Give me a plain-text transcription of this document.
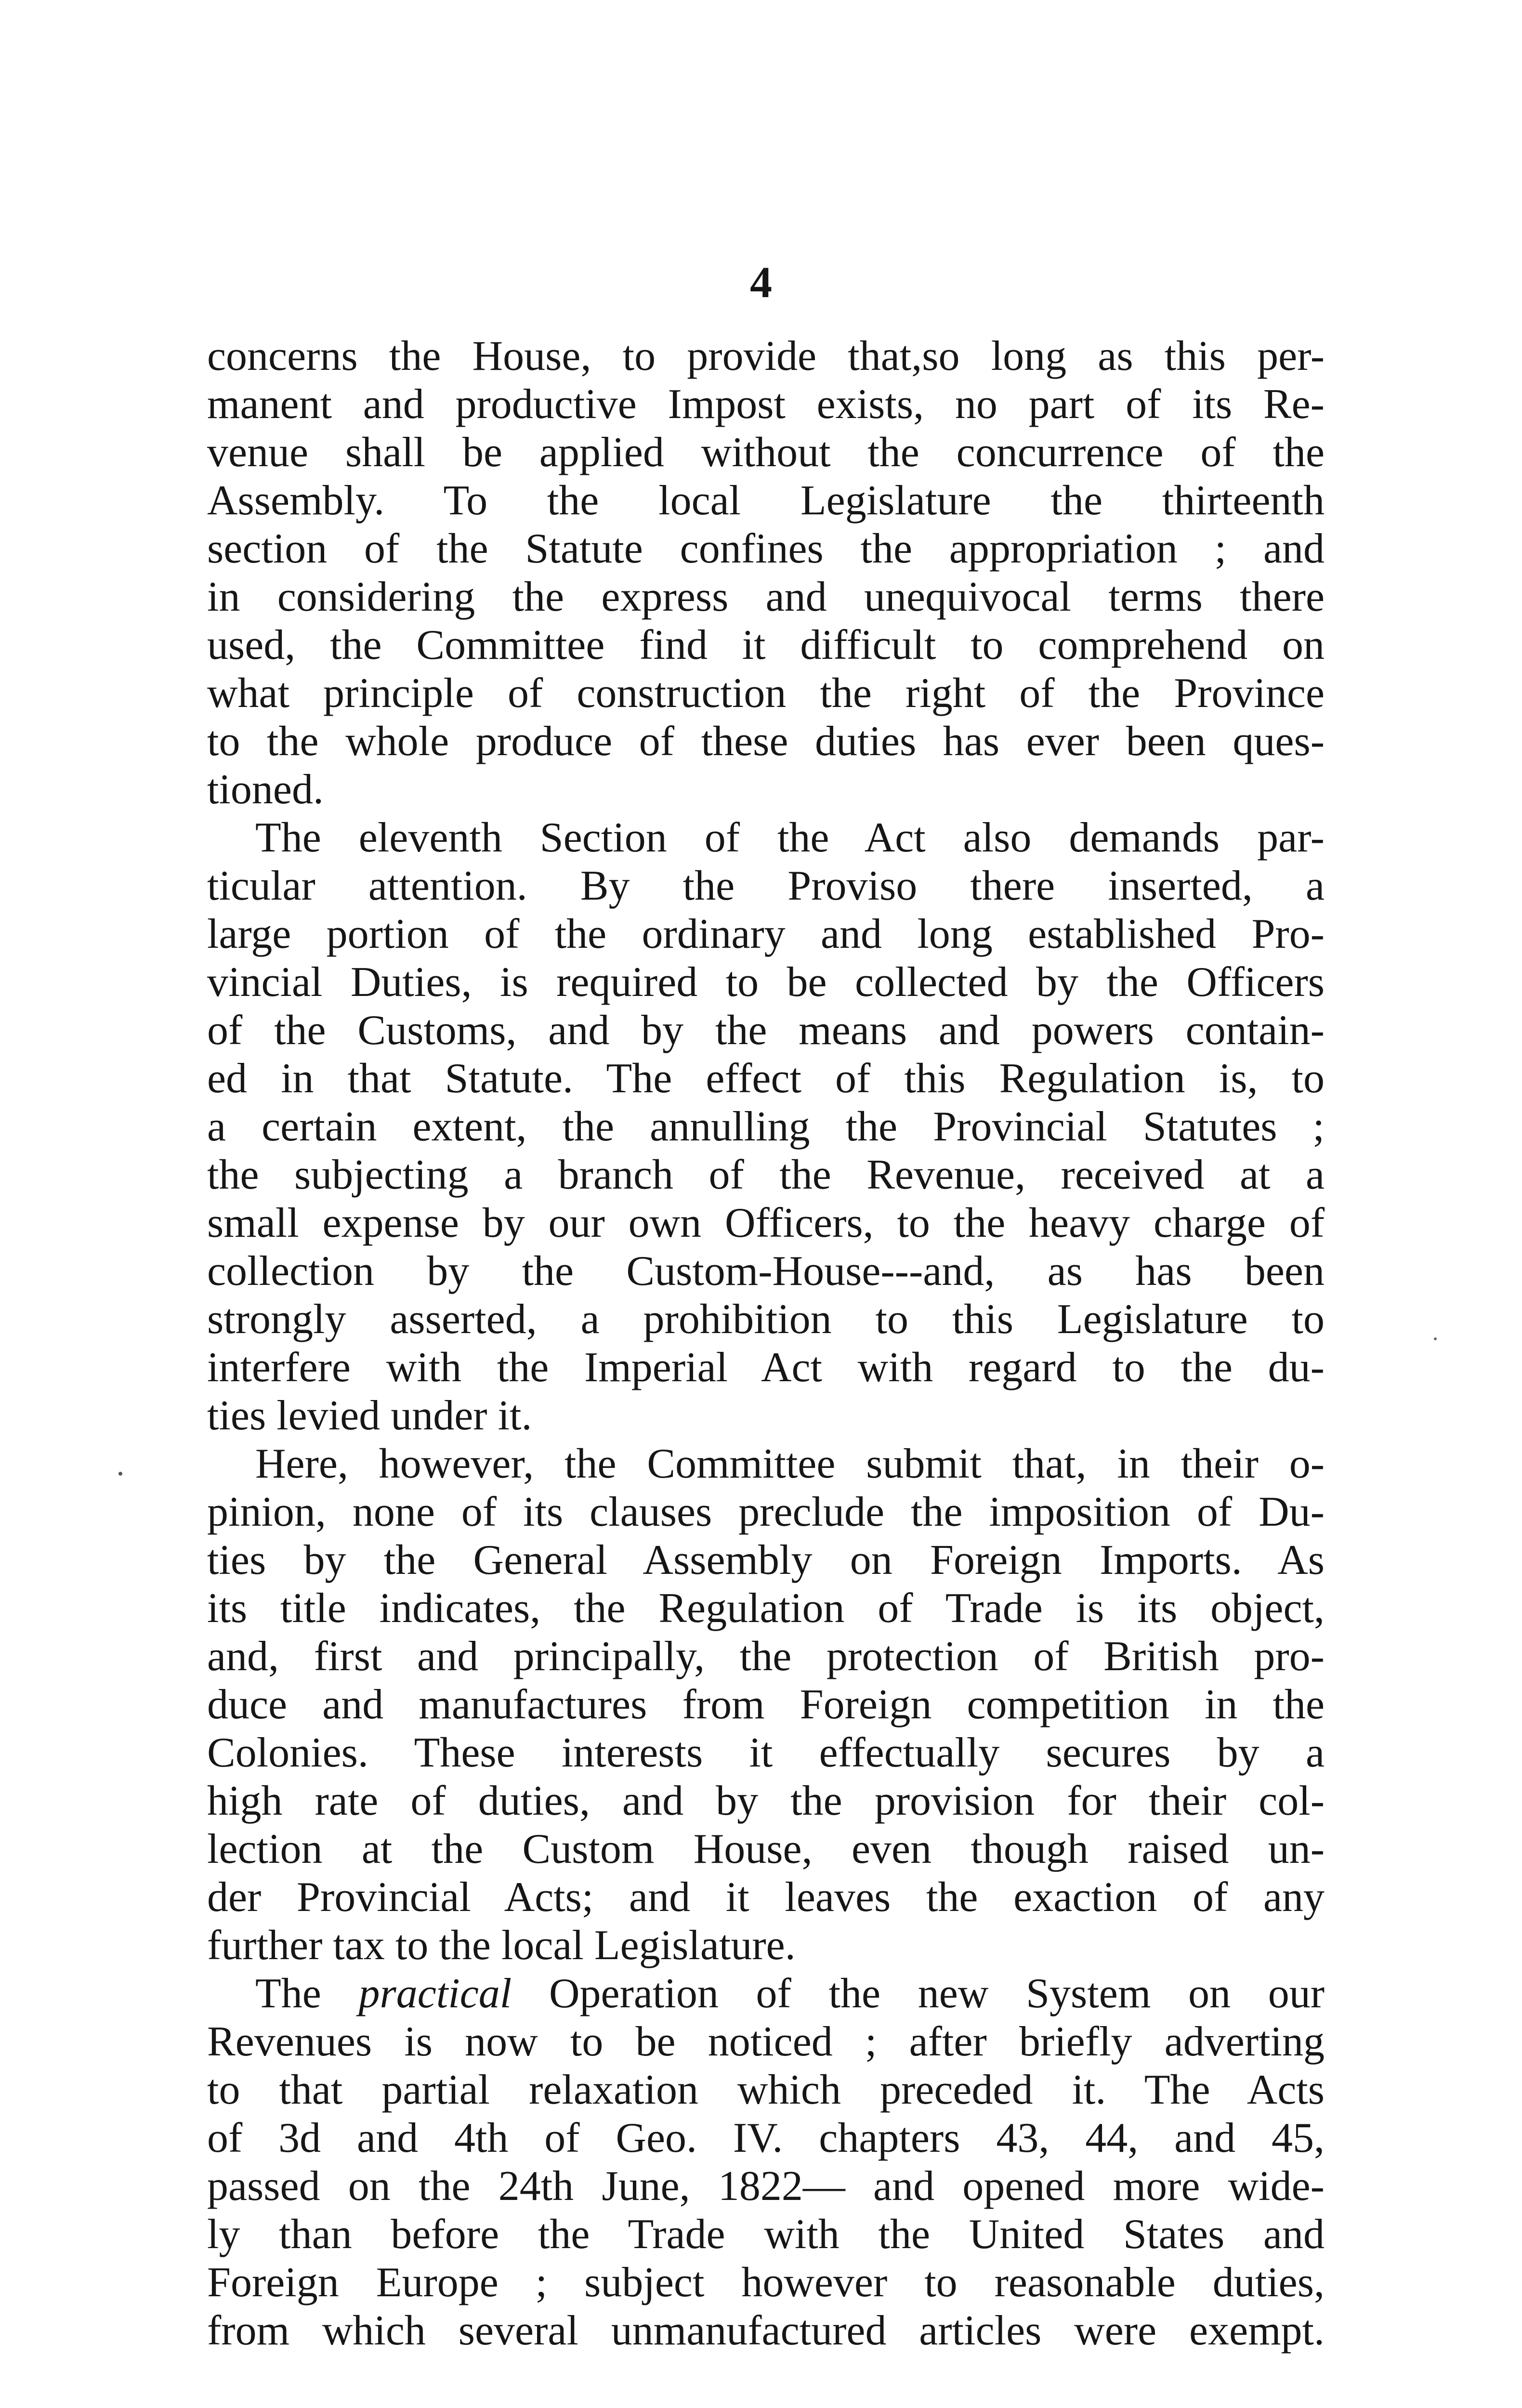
4
concerns the House, to provide that,so long as this per-
manent and productive Impost exists, no part of its Re-
venue shall be applied without the concurrence of the
Assembly. To the local Legislature the thirteenth
section of the Statute confines the appropriation ; and
in considering the express and unequivocal terms there
used, the Committee find it difficult to comprehend on
what principle of construction the right of the Province
to the whole produce of these duties has ever been ques-
tioned.
The eleventh Section of the Act also demands par-
ticular attention. By the Proviso there inserted, a
large portion of the ordinary and long established Pro-
vincial Duties, is required to be collected by the Officers
of the Customs, and by the means and powers contain-
ed in that Statute. The effect of this Regulation is, to
a certain extent, the annulling the Provincial Statutes ;
the subjecting a branch of the Revenue, received at a
small expense by our own Officers, to the heavy charge of
collection by the Custom-House---and, as has been
strongly asserted, a prohibition to this Legislature to
interfere with the Imperial Act with regard to the du-
ties levied under it.
Here, however, the Committee submit that, in their o-
pinion, none of its clauses preclude the imposition of Du-
ties by the General Assembly on Foreign Imports. As
its title indicates, the Regulation of Trade is its object,
and, first and principally, the protection of British pro-
duce and manufactures from Foreign competition in the
Colonies. These interests it effectually secures by a
high rate of duties, and by the provision for their col-
lection at the Custom House, even though raised un-
der Provincial Acts; and it leaves the exaction of any
further tax to the local Legislature.
The practical Operation of the new System on our
Revenues is now to be noticed ; after briefly adverting
to that partial relaxation which preceded it. The Acts
of 3d and 4th of Geo. IV. chapters 43, 44, and 45,
passed on the 24th June, 1822— and opened more wide-
ly than before the Trade with the United States and
Foreign Europe ; subject however to reasonable duties,
from which several unmanufactured articles were exempt.
